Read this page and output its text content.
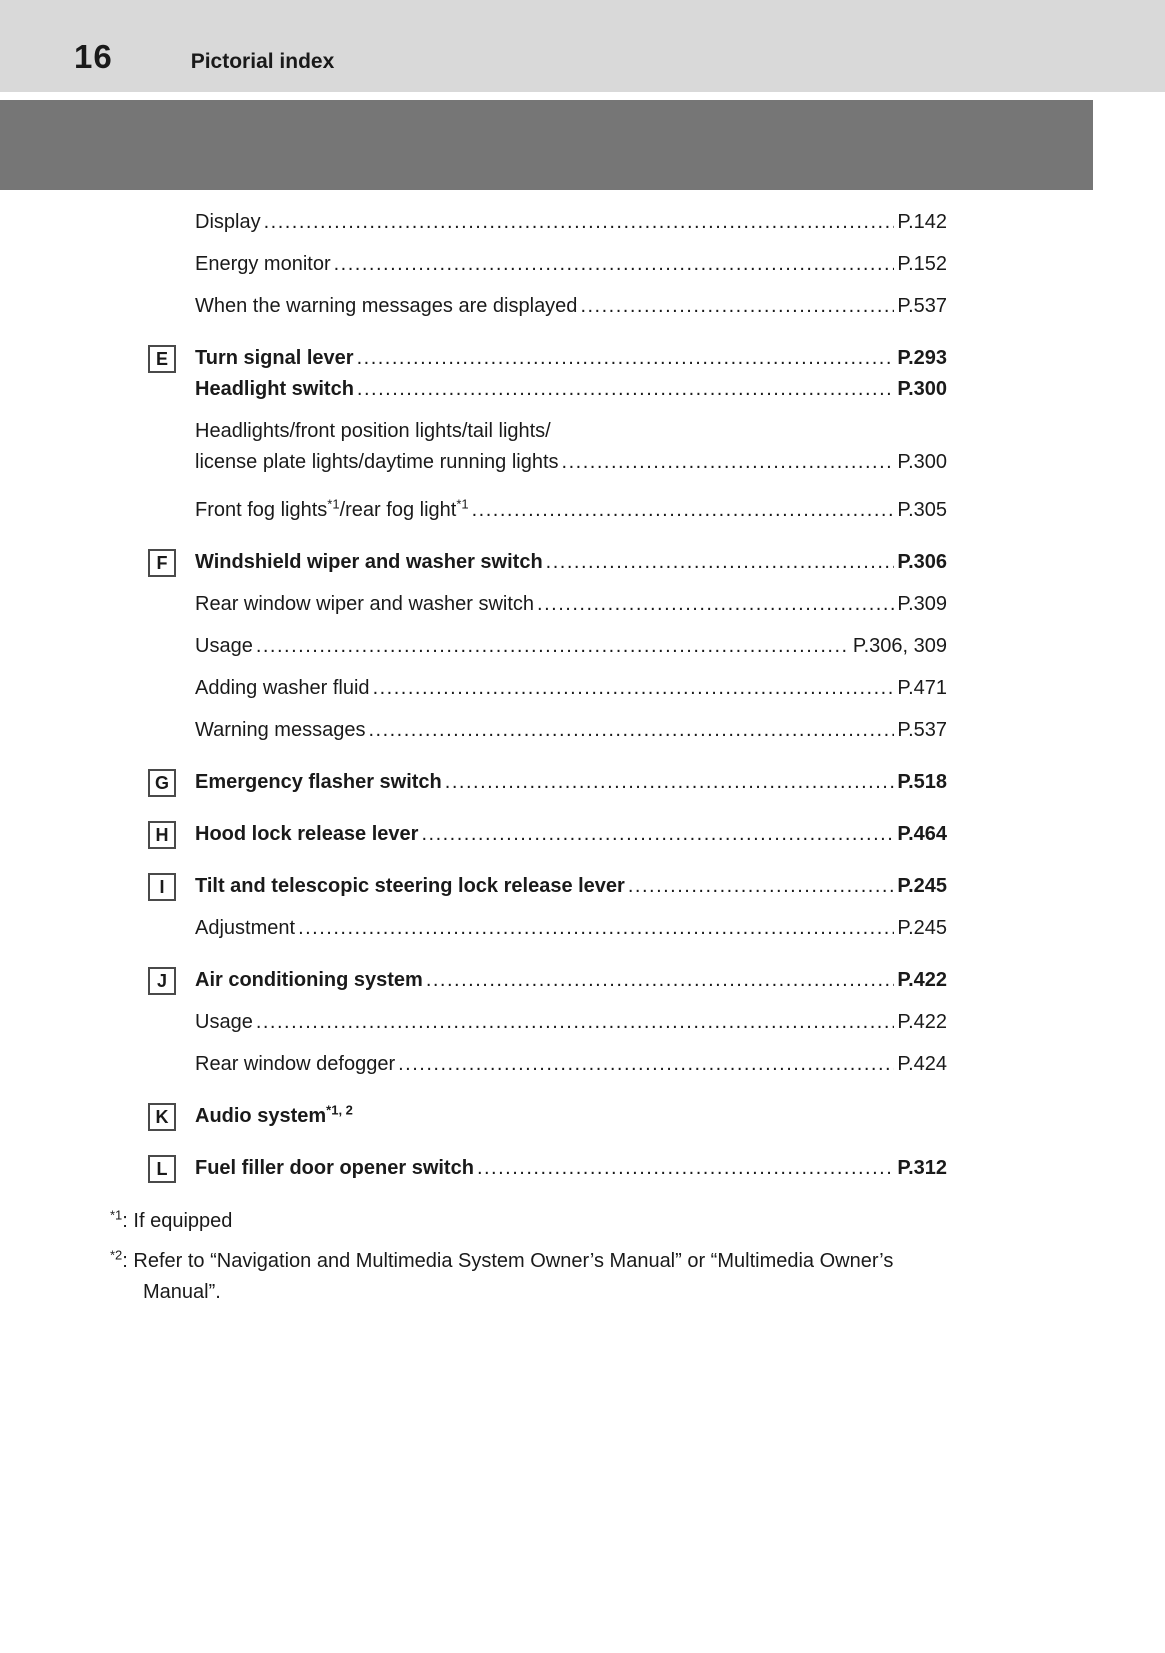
16	Pictorial index
Display .....	P.142
Energy monitor .....	P.152
When the warning messages are displayed .....	P.537
E	Turn signal lever .....	P.293
Headlight switch .....	P.300
Headlights/front position lights/tail lights/
license plate lights/daytime running lights .....	P.300
Front fog lights$^{*1}$/rear fog light$^{*1}$ .....	P.305
F	Windshield wiper and washer switch .....	P.306
Rear window wiper and washer switch .....	P.309
Usage .....	P.306, 309
Adding washer fluid .....	P.471
Warning messages .....	P.537
G	Emergency flasher switch .....	P.518
H	Hood lock release lever .....	P.464
I	Tilt and telescopic steering lock release lever .....	P.245
Adjustment .....	P.245
J	Air conditioning system .....	P.422
Usage .....	P.422
Rear window defogger .....	P.424
K	Audio system$^{*1, 2}$
L	Fuel filler door opener switch .....	P.312
$^{*1}$: If equipped
$^{*2}$: Refer to “Navigation and Multimedia System Owner’s Manual” or “Multimedia Owner’s Manual”.
